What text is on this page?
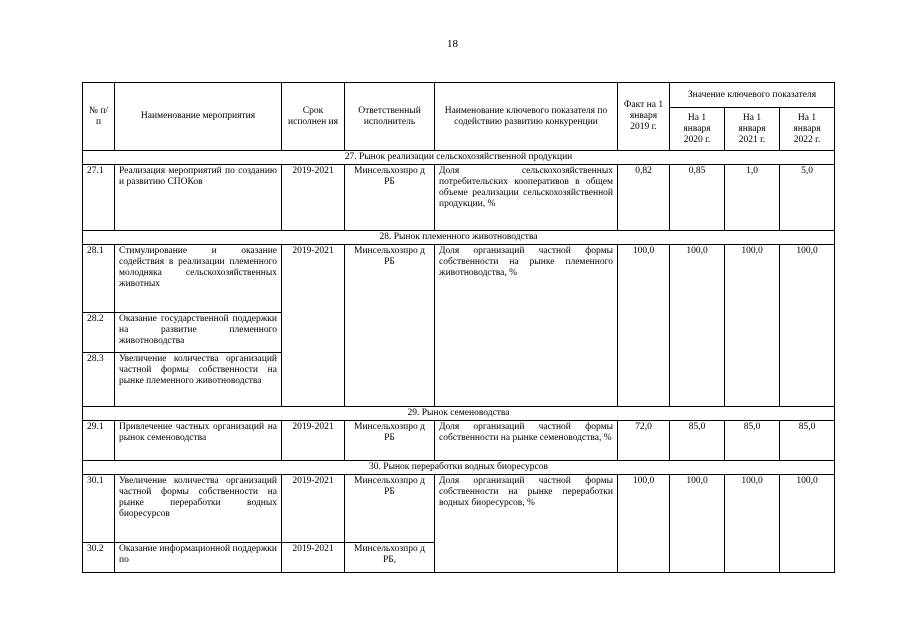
18
№ п/п	Наименование мероприятия	Срок исполнен ия	Ответственный исполнитель	Наименование ключевого показателя по содействию развитию конкуренции	Факт на 1 января 2019 г.	Значение ключевого показателя		
						На 1 января 2020 г.	На 1 января 2021 г.	На 1 января 2022 г.
27. Рынок реализации сельскохозяйственной продукции								
27.1	Реализация мероприятий по созданию и развитию СПОКов	2019-2021	Минсельхозпро д РБ	Доля сельскохозяйственных потребительских кооперативов в общем объеме реализации сельскохозяйственной продукции, %	0,82	0,85	1,0	5,0
28. Рынок племенного животноводства								
28.1	Стимулирование и оказание содействия в реализации племенного молодняка сельскохозяйственных животных	2019-2021	Минсельхозпро д РБ	Доля организаций частной формы собственности на рынке племенного животноводства, %	100,0	100,0	100,0	100,0
28.2	Оказание государственной поддержки на развитие племенного животноводства							
28.3	Увеличение количества организаций частной формы собственности на рынке племенного животноводства							
29. Рынок семеноводства								
29.1	Привлечение частных организаций на рынок семеноводства	2019-2021	Минсельхозпро д РБ	Доля организаций частной формы собственности на рынке семеноводства, %	72,0	85,0	85,0	85,0
30. Рынок переработки водных биоресурсов								
30.1	Увеличение количества организаций частной формы собственности на рынке переработки водных биоресурсов	2019-2021	Минсельхозпро д РБ	Доля организаций частной формы собственности на рынке переработки водных биоресурсов, %	100,0	100,0	100,0	100,0
30.2	Оказание информационной поддержки по	2019-2021	Минсельхозпро д РБ,					
